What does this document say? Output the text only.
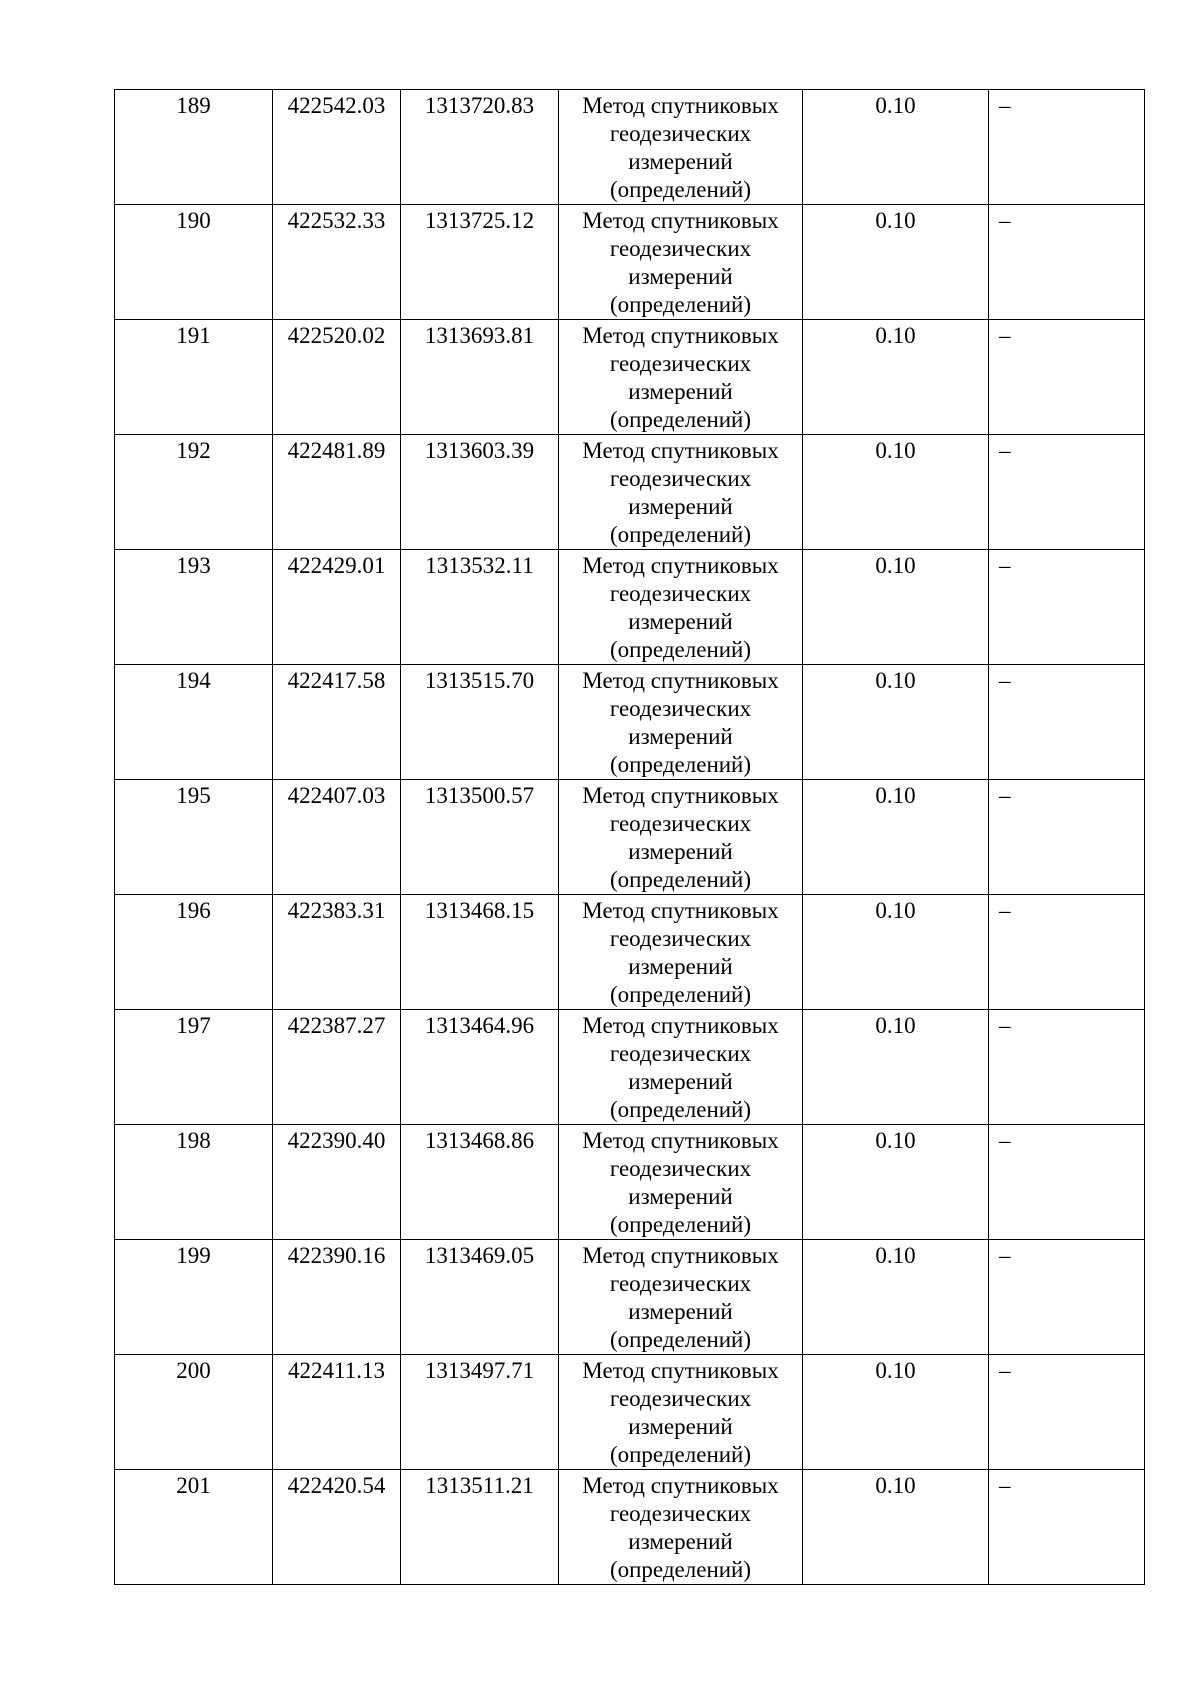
189	422542.03	1313720.83	Метод спутниковых геодезических измерений (определений)	0.10	–
190	422532.33	1313725.12	Метод спутниковых геодезических измерений (определений)	0.10	–
191	422520.02	1313693.81	Метод спутниковых геодезических измерений (определений)	0.10	–
192	422481.89	1313603.39	Метод спутниковых геодезических измерений (определений)	0.10	–
193	422429.01	1313532.11	Метод спутниковых геодезических измерений (определений)	0.10	–
194	422417.58	1313515.70	Метод спутниковых геодезических измерений (определений)	0.10	–
195	422407.03	1313500.57	Метод спутниковых геодезических измерений (определений)	0.10	–
196	422383.31	1313468.15	Метод спутниковых геодезических измерений (определений)	0.10	–
197	422387.27	1313464.96	Метод спутниковых геодезических измерений (определений)	0.10	–
198	422390.40	1313468.86	Метод спутниковых геодезических измерений (определений)	0.10	–
199	422390.16	1313469.05	Метод спутниковых геодезических измерений (определений)	0.10	–
200	422411.13	1313497.71	Метод спутниковых геодезических измерений (определений)	0.10	–
201	422420.54	1313511.21	Метод спутниковых геодезических измерений (определений)	0.10	–
